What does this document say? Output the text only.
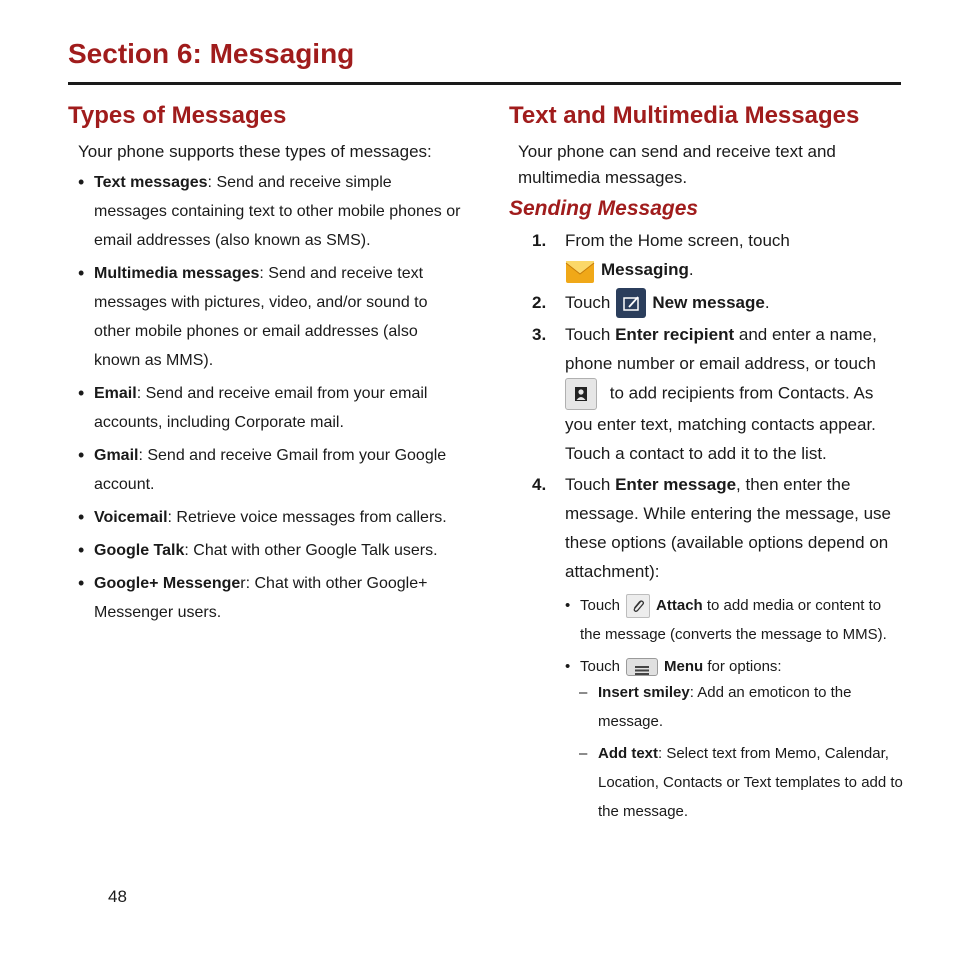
Section 6: Messaging
Types of Messages

Your phone supports these types of messages:

• Text messages: Send and receive simple messages containing text to other mobile phones or email addresses (also known as SMS).
• Multimedia messages: Send and receive text messages with pictures, video, and/or sound to other mobile phones or email addresses (also known as MMS).
• Email: Send and receive email from your email accounts, including Corporate mail.
• Gmail: Send and receive Gmail from your Google account.
• Voicemail: Retrieve voice messages from callers.
• Google Talk: Chat with other Google Talk users.
• Google+ Messenger: Chat with other Google+ Messenger users.
Text and Multimedia Messages

Your phone can send and receive text and multimedia messages.

Sending Messages
1. From the Home screen, touch
Messaging.
2. Touch New message.
3. Touch Enter recipient and enter a name, phone number or email address, or touch
to add recipients from Contacts. As you enter text, matching contacts appear. Touch a contact to add it to the list.
4. Touch Enter message, then enter the message. While entering the message, use these options (available options depend on attachment):
• Touch Attach to add media or content to the message (converts the message to MMS).
• Touch	Menu for options:

– Insert smiley: Add an emoticon to the message.

– Add text: Select text from Memo, Calendar, Location, Contacts or Text templates to add to the message.

48
